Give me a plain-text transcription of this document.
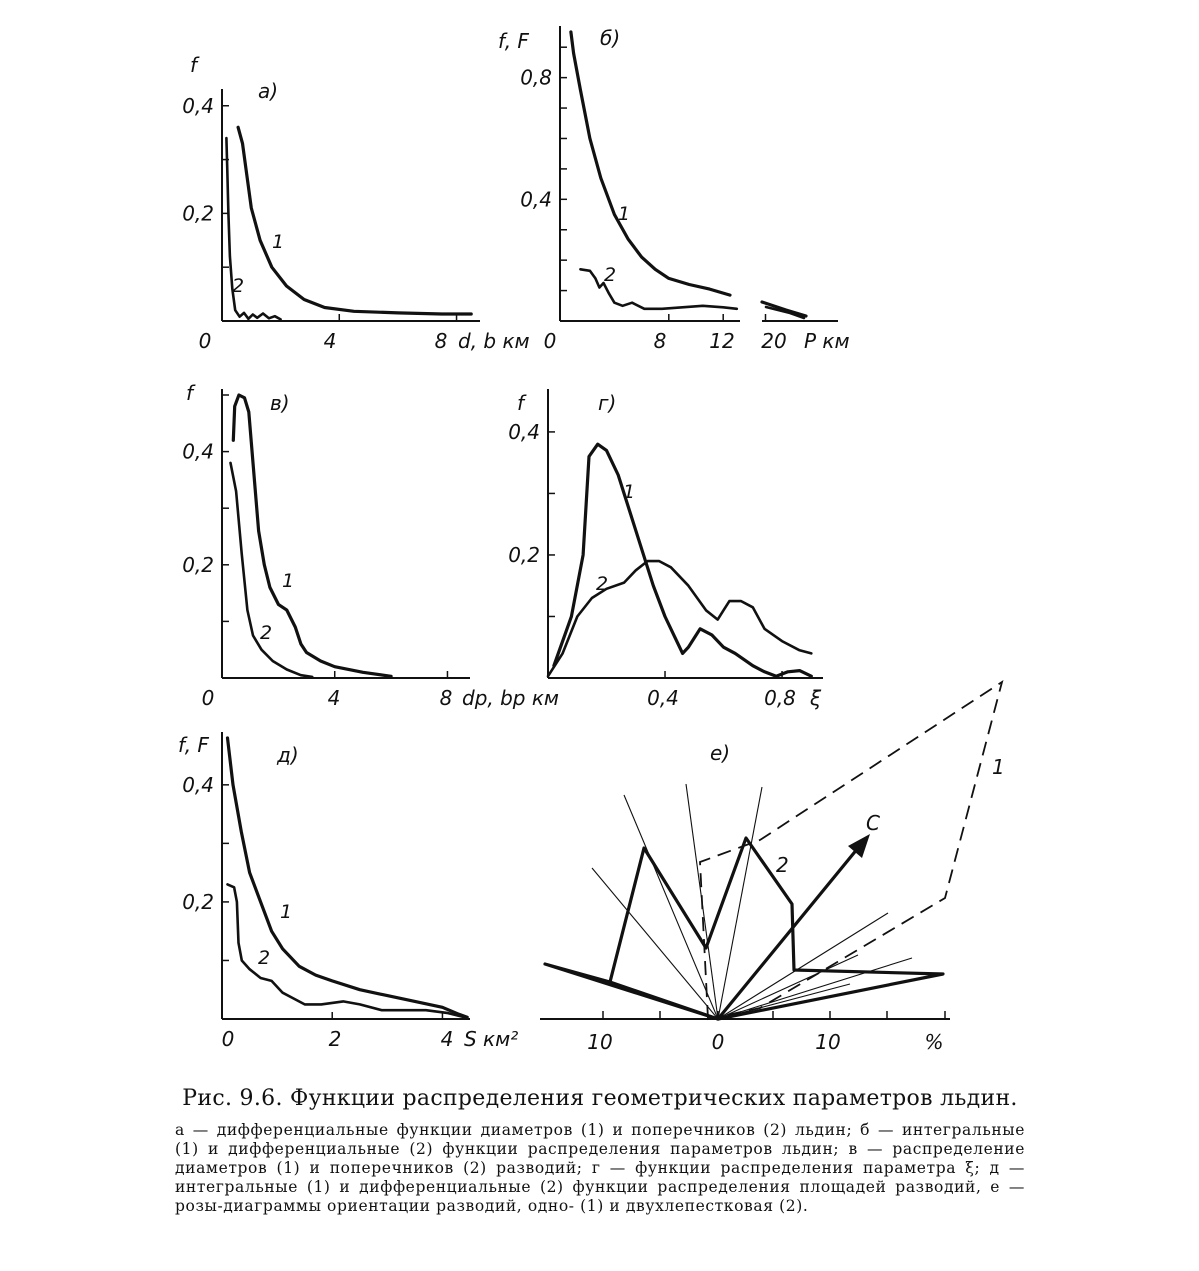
0,2
0,4
0	4	8
f
а)
d, b км
1
2
0,4
0,8
0	8 12 20
f, F	б)
P км
1
2
0,2
0,4
0	4	8
f	в)
dp, bp км
1
2
0,2
0,4
0,4	0,8
f	г)
ξ
1
2
0,2
0,4
0	2	4
f, F	д)
S км²
1
2
10	0	10	%
е)
1
2
C
Рис. 9.6. Функции распределения геометрических параметров льдин.
а — дифференциальные функции диаметров (1) и поперечников (2) льдин; б — интегральные (1) и дифференциальные (2) функции распределения параметров льдин; в — распределение диаметров (1) и поперечников (2) разводий; г — функции распределения параметра ξ; д — интегральные (1) и дифференциальные (2) функции распределения площадей разводий, е — розы-диаграммы ориентации разводий, одно- (1) и двухлепестковая (2).
